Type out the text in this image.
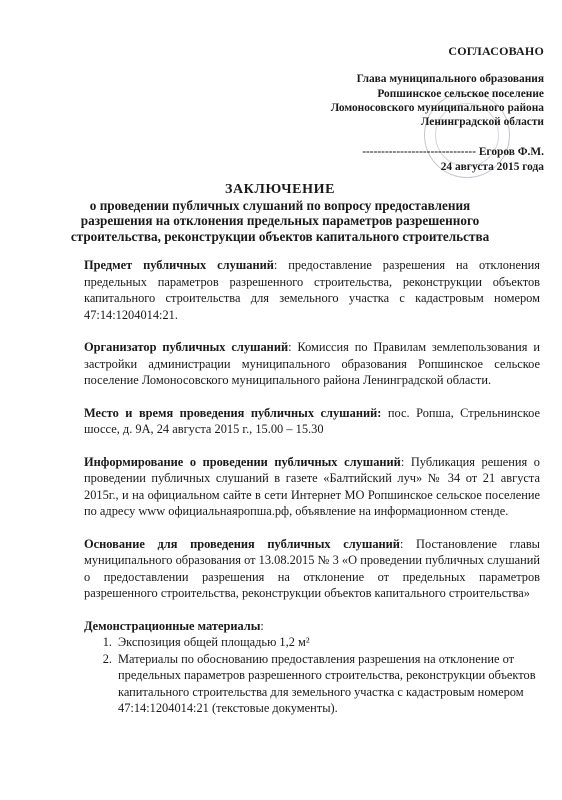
СОГЛАСОВАНО
Глава муниципального образования
Ропшинское сельское поселение
Ломоносовского муниципального района
Ленинградской области
------------------------------ Егоров Ф.М.
24 августа 2015 года
ЗАКЛЮЧЕНИЕ
о проведении публичных слушаний по вопросу предоставления разрешения на отклонения предельных параметров разрешенного строительства, реконструкции объектов капитального строительства

Предмет публичных слушаний: предоставление разрешения на отклонения предельных параметров разрешенного строительства, реконструкции объектов капитального строительства для земельного участка с кадастровым номером 47:14:1204014:21.

Организатор публичных слушаний: Комиссия по Правилам землепользования и застройки администрации муниципального образования Ропшинское сельское поселение Ломоносовского муниципального района Ленинградской области.

Место и время проведения публичных слушаний: пос. Ропша, Стрельнинское шоссе, д. 9А, 24 августа 2015 г., 15.00 – 15.30

Информирование о проведении публичных слушаний: Публикация решения о проведении публичных слушаний в газете «Балтийский луч» № 34 от 21 августа 2015г., и на официальном сайте в сети Интернет МО Ропшинское сельское поселение по адресу www официальнаяропша.рф, объявление на информационном стенде.

Основание для проведения публичных слушаний: Постановление главы муниципального образования от 13.08.2015 № 3 «О проведении публичных слушаний о предоставлении разрешения на отклонение от предельных параметров разрешенного строительства, реконструкции объектов капитального строительства»

Демонстрационные материалы:
1. Экспозиция общей площадью 1,2 м²
2. Материалы по обоснованию предоставления разрешения на отклонение от предельных параметров разрешенного строительства, реконструкции объектов капитального строительства для земельного участка с кадастровым номером 47:14:1204014:21 (текстовые документы).
